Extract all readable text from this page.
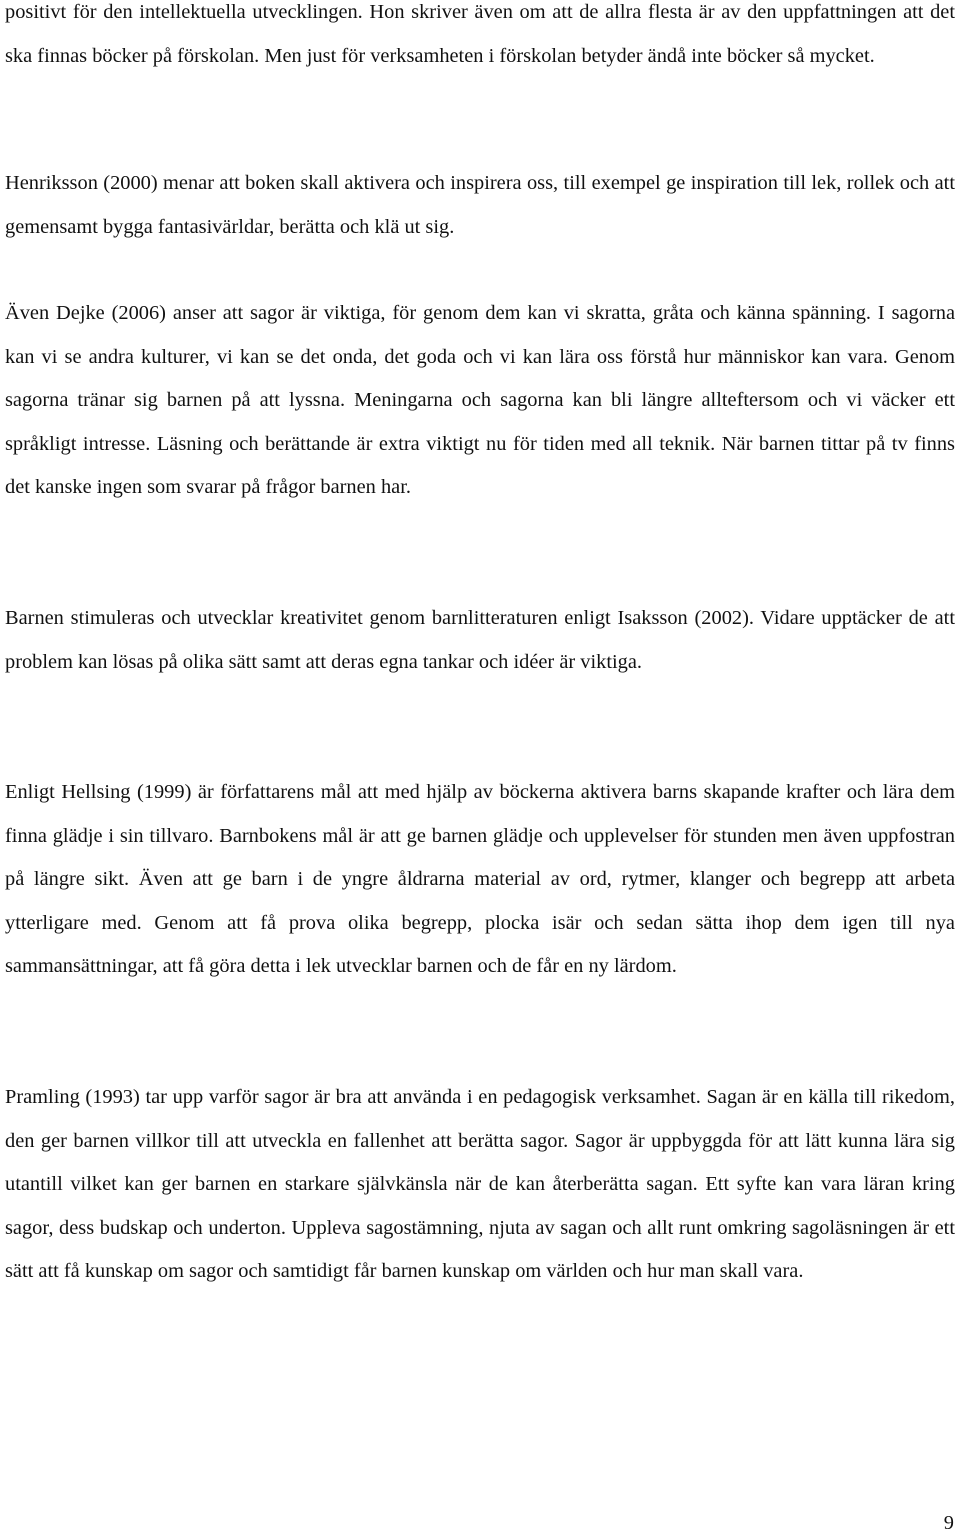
positivt för den intellektuella utvecklingen. Hon skriver även om att de allra flesta är av den uppfattningen att det ska finnas böcker på förskolan. Men just för verksamheten i förskolan betyder ändå inte böcker så mycket.

Henriksson (2000) menar att boken skall aktivera och inspirera oss, till exempel ge inspiration till lek, rollek och att gemensamt bygga fantasivärldar, berätta och klä ut sig.

Även Dejke (2006) anser att sagor är viktiga, för genom dem kan vi skratta, gråta och känna spänning. I sagorna kan vi se andra kulturer, vi kan se det onda, det goda och vi kan lära oss förstå hur människor kan vara. Genom sagorna tränar sig barnen på att lyssna. Meningarna och sagorna kan bli längre allteftersom och vi väcker ett språkligt intresse. Läsning och berättande är extra viktigt nu för tiden med all teknik. När barnen tittar på tv finns det kanske ingen som svarar på frågor barnen har.

Barnen stimuleras och utvecklar kreativitet genom barnlitteraturen enligt Isaksson (2002). Vidare upptäcker de att problem kan lösas på olika sätt samt att deras egna tankar och idéer är viktiga.

Enligt Hellsing (1999) är författarens mål att med hjälp av böckerna aktivera barns skapande krafter och lära dem finna glädje i sin tillvaro. Barnbokens mål är att ge barnen glädje och upplevelser för stunden men även uppfostran på längre sikt. Även att ge barn i de yngre åldrarna material av ord, rytmer, klanger och begrepp att arbeta ytterligare med. Genom att få prova olika begrepp, plocka isär och sedan sätta ihop dem igen till nya sammansättningar, att få göra detta i lek utvecklar barnen och de får en ny lärdom.

Pramling (1993) tar upp varför sagor är bra att använda i en pedagogisk verksamhet. Sagan är en källa till rikedom, den ger barnen villkor till att utveckla en fallenhet att berätta sagor. Sagor är uppbyggda för att lätt kunna lära sig utantill vilket kan ger barnen en starkare självkänsla när de kan återberätta sagan. Ett syfte kan vara läran kring sagor, dess budskap och underton. Uppleva sagostämning, njuta av sagan och allt runt omkring sagoläsningen är ett sätt att få kunskap om sagor och samtidigt får barnen kunskap om världen och hur man skall vara.

9
